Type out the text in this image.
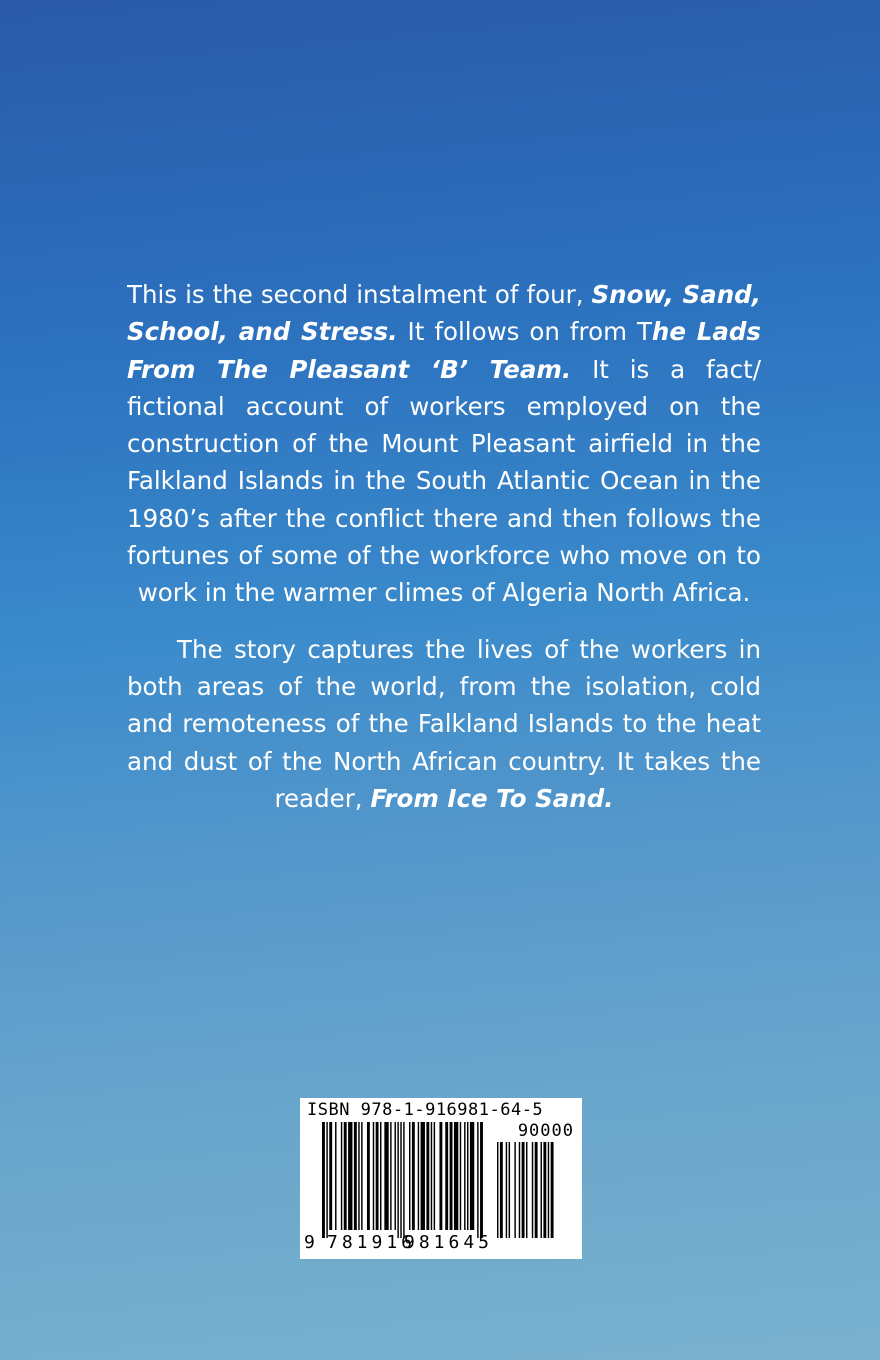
This is the second instalment of four, Snow, Sand, School, and Stress. It follows on from The Lads From The Pleasant ‘B’ Team. It is a fact/ fictional account of workers employed on the construction of the Mount Pleasant airfield in the Falkland Islands in the South Atlantic Ocean in the 1980’s after the conflict there and then follows the fortunes of some of the workforce who move on to work in the warmer climes of Algeria North Africa.

The story captures the lives of the workers in both areas of the world, from the isolation, cold and remoteness of the Falkland Islands to the heat and dust of the North African country. It takes the reader, From Ice To Sand.

ISBN 978-1-916981-64-5
90000
9 781916
981645
